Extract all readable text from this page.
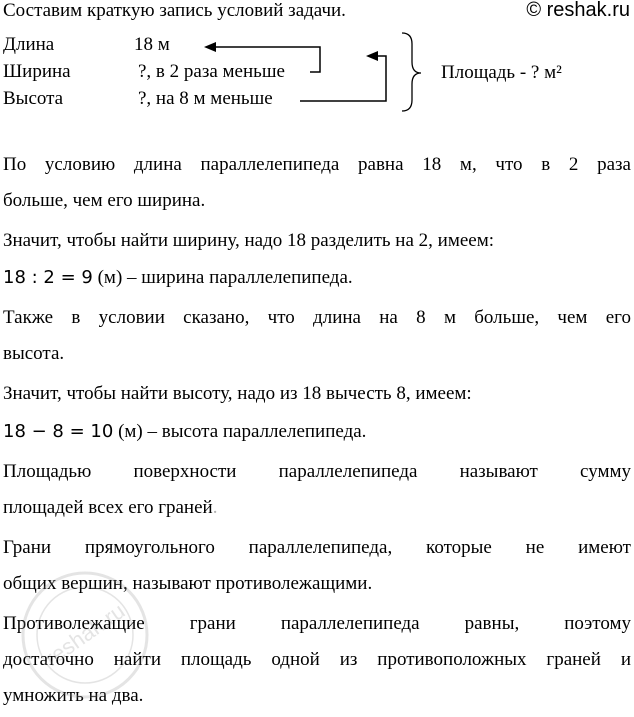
Составим краткую запись условий задачи.	© reshak.ru
Длина	18 м
Ширина	?, в 2 раза меньше
Высота	?, на 8 м меньше
Площадь - ? м²
По условию длина параллелепипеда равна 18 м, что в 2 раза
больше, чем его ширина.
Значит, чтобы найти ширину, надо 18 разделить на 2, имеем:
18 : 2 = 9 (м) – ширина параллелепипеда.
Также в условии сказано, что длина на 8 м больше, чем его
высота.
Значит, чтобы найти высоту, надо из 18 вычесть 8, имеем:
18 − 8 = 10 (м) – высота параллелепипеда.
Площадью поверхности параллелепипеда называют сумму
площадей всех его граней.
Грани прямоугольного параллелепипеда, которые не имеют
общих вершин, называют противолежащими.
Противолежащие грани параллелепипеда равны, поэтому
достаточно найти площадь одной из противоположных граней и
умножить на два.
reshak.ru
